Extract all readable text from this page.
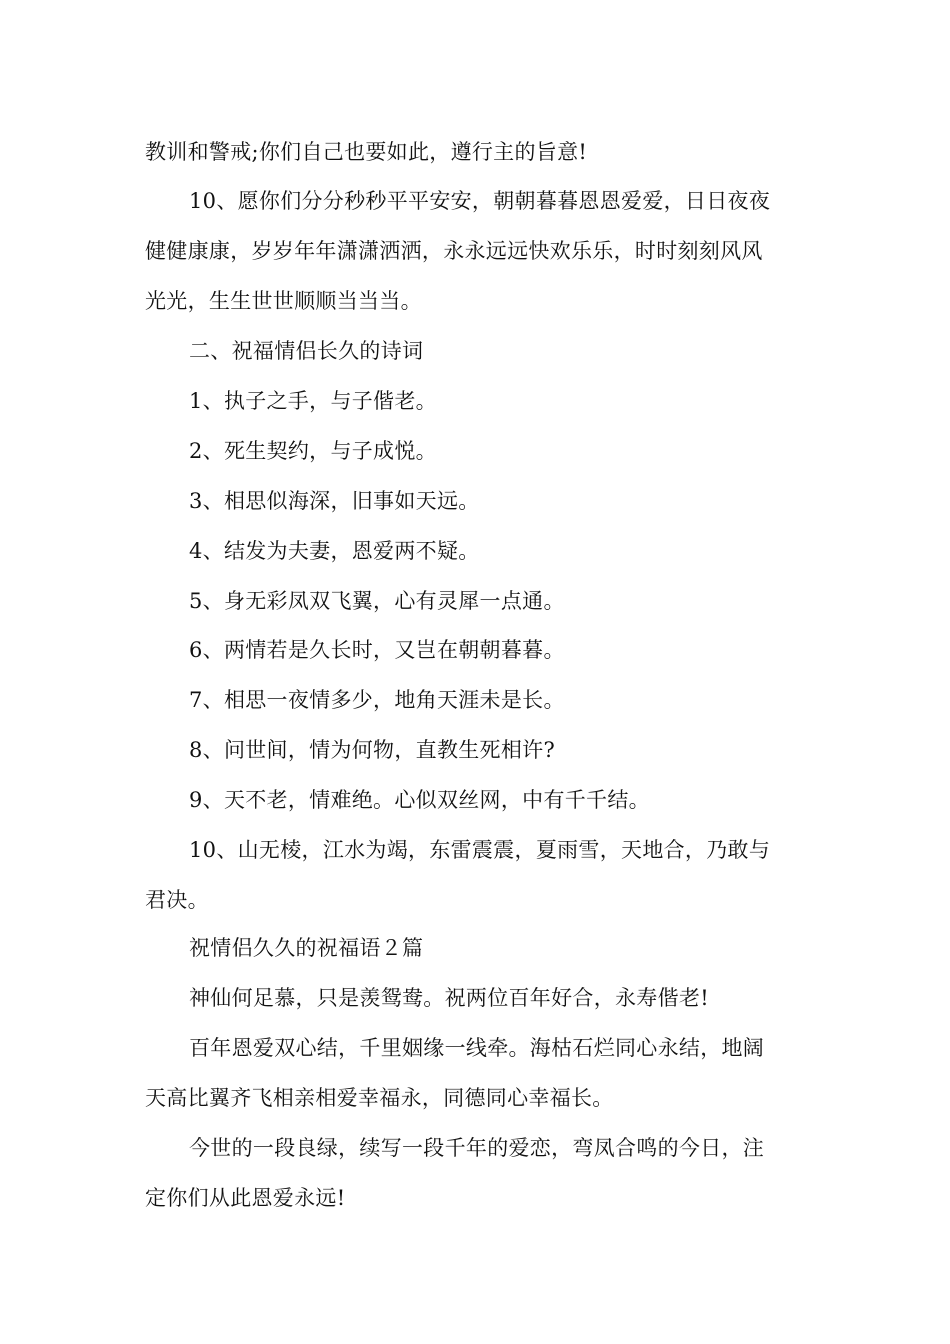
教训和警戒;你们自己也要如此，遵行主的旨意!
10、愿你们分分秒秒平平安安，朝朝暮暮恩恩爱爱，日日夜夜
健健康康，岁岁年年潇潇洒洒，永永远远快欢乐乐，时时刻刻风风
光光，生生世世顺顺当当当。
二、祝福情侣长久的诗词
1、执子之手，与子偕老。
2、死生契约，与子成悦。
3、相思似海深，旧事如天远。
4、结发为夫妻，恩爱两不疑。
5、身无彩凤双飞翼，心有灵犀一点通。
6、两情若是久长时，又岂在朝朝暮暮。
7、相思一夜情多少，地角天涯未是长。
8、问世间，情为何物，直教生死相许?
9、天不老，情难绝。心似双丝网，中有千千结。
10、山无棱，江水为竭，东雷震震，夏雨雪，天地合，乃敢与
君决。
祝情侣久久的祝福语２篇
神仙何足慕，只是羡鸳鸯。祝两位百年好合，永寿偕老!
百年恩爱双心结，千里姻缘一线牵。海枯石烂同心永结，地阔
天高比翼齐飞相亲相爱幸福永，同德同心幸福长。
今世的一段良绿，续写一段千年的爱恋，弯凤合鸣的今日，注
定你们从此恩爱永远!
